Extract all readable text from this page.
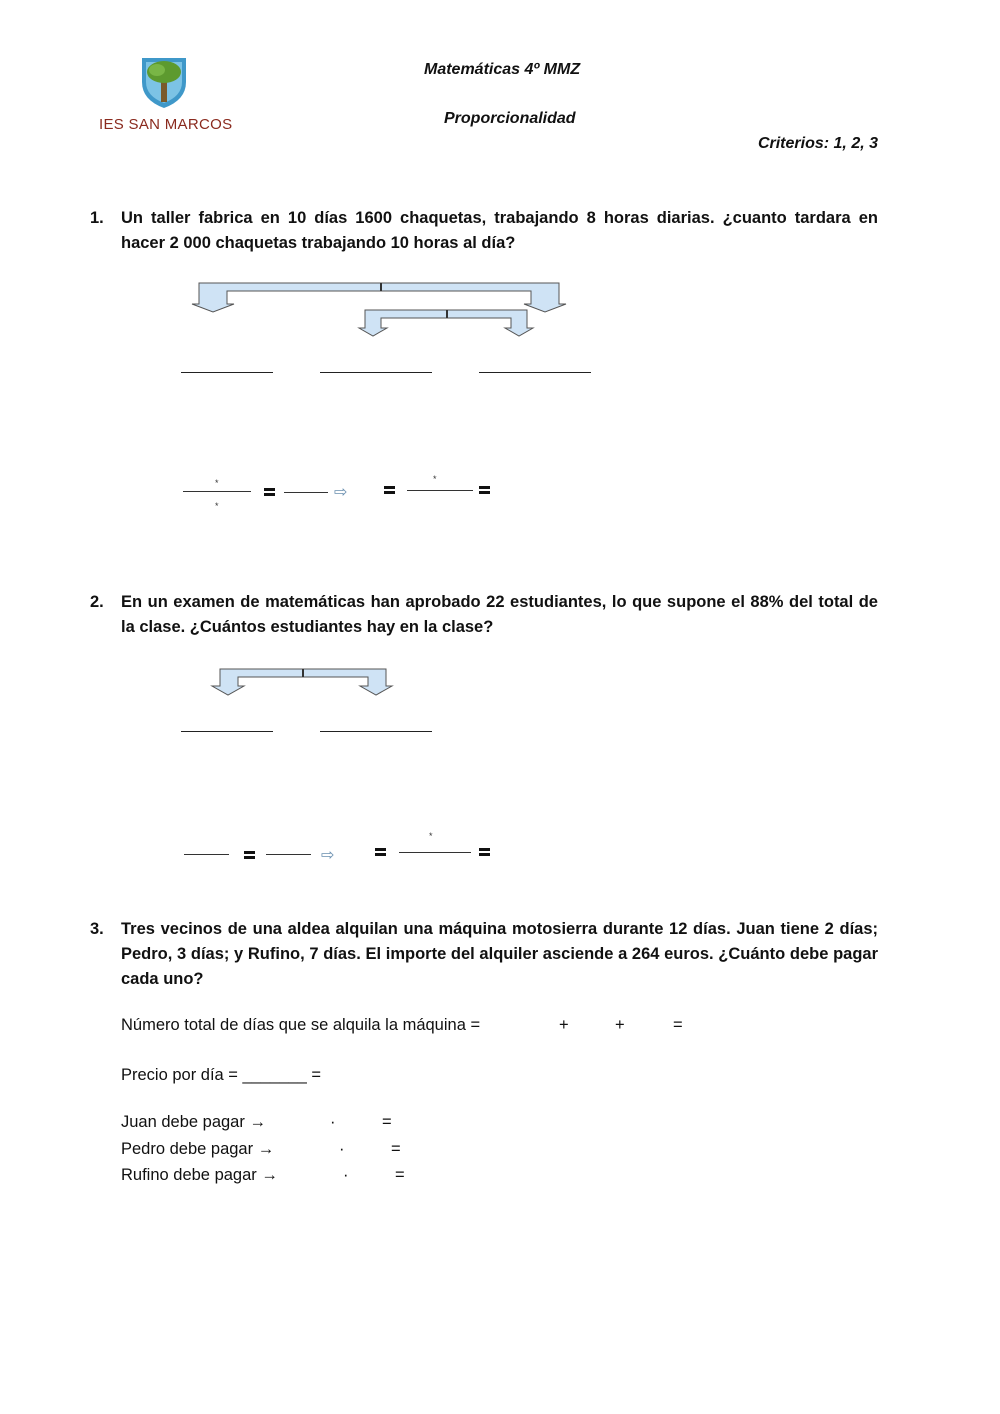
IES SAN MARCOS
Matemáticas 4º MMZ
Proporcionalidad
Criterios: 1, 2, 3
1. Un taller fabrica en 10 días 1600 chaquetas, trabajando 8 horas diarias. ¿cuanto tardara en hacer 2 000 chaquetas trabajando 10 horas al día?
*
*
⇨
*
2. En un examen de matemáticas han aprobado 22 estudiantes, lo que supone el 88% del total de la clase. ¿Cuántos estudiantes hay en la clase?
⇨
*
3. Tres vecinos de una aldea alquilan una máquina motosierra durante 12 días. Juan tiene 2 días; Pedro, 3 días; y Rufino, 7 días. El importe del alquiler asciende a 264 euros. ¿Cuánto debe pagar cada uno?
Número total de días que se alquila la máquina =	+	+	=
Precio por día = _______ =
Juan debe pagar →	·	=
Pedro debe pagar →	·	=
Rufino debe pagar →	·	=
